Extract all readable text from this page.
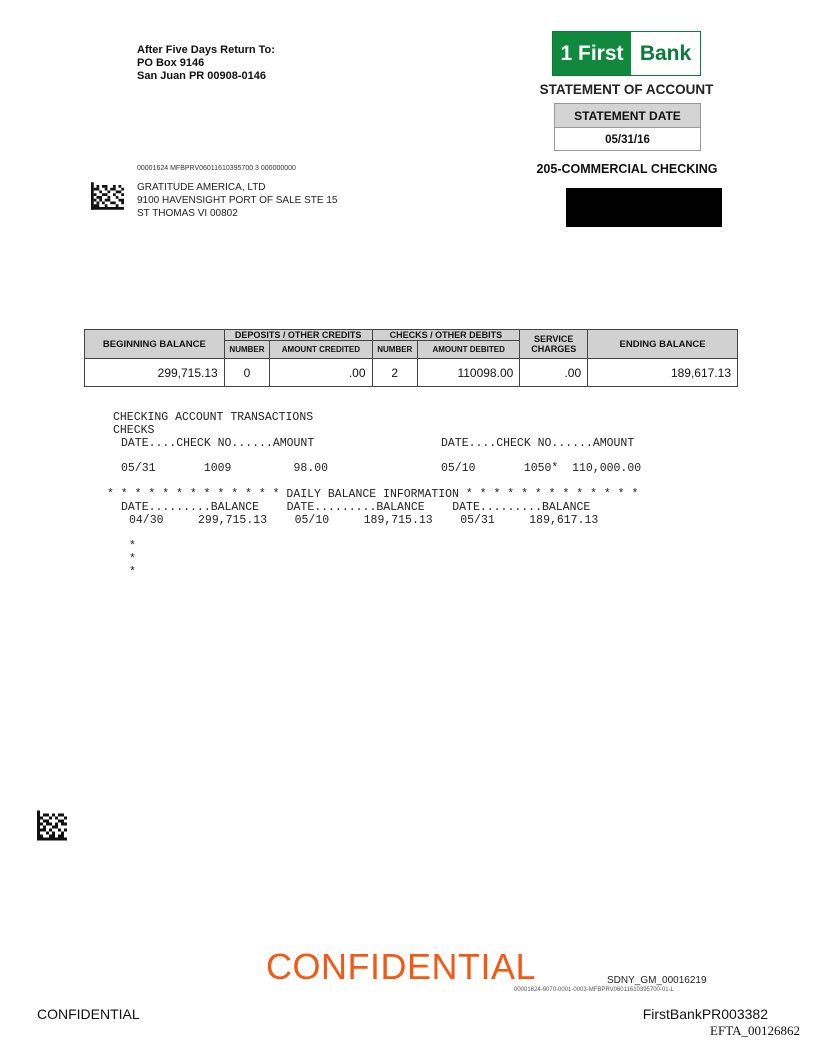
After Five Days Return To:
PO Box 9146
San Juan PR 00908-0146
1 First Bank
STATEMENT OF ACCOUNT
STATEMENT DATE
05/31/16
205-COMMERCIAL CHECKING
00001624 MFBPRV06011610395700 3 000000000
GRATITUDE AMERICA, LTD
9100 HAVENSIGHT PORT OF SALE STE 15
ST THOMAS VI 00802
BEGINNING BALANCE	DEPOSITS / OTHER CREDITS		CHECKS / OTHER DEBITS		SERVICE CHARGES	ENDING BALANCE
	NUMBER	AMOUNT CREDITED	NUMBER	AMOUNT DEBITED		
299,715.13	0	.00	2	110098.00	.00	189,617.13
CHECKING ACCOUNT TRANSACTIONS
CHECKS
DATE....CHECK NO......AMOUNT	DATE....CHECK NO......AMOUNT
05/31       1009         98.00	05/10       1050*  110,000.00
* * * * * * * * * * * * * DAILY BALANCE INFORMATION * * * * * * * * * * * * *
DATE.........BALANCE    DATE.........BALANCE    DATE.........BALANCE
04/30     299,715.13    05/10     189,715.13    05/31     189,617.13
*
*
*
CONFIDENTIAL	SDNY_GM_00016219
00001624-9070-0001-0003-MFBPRV06011610395700-01-L
CONFIDENTIAL	FirstBankPR003382
EFTA_00126862
